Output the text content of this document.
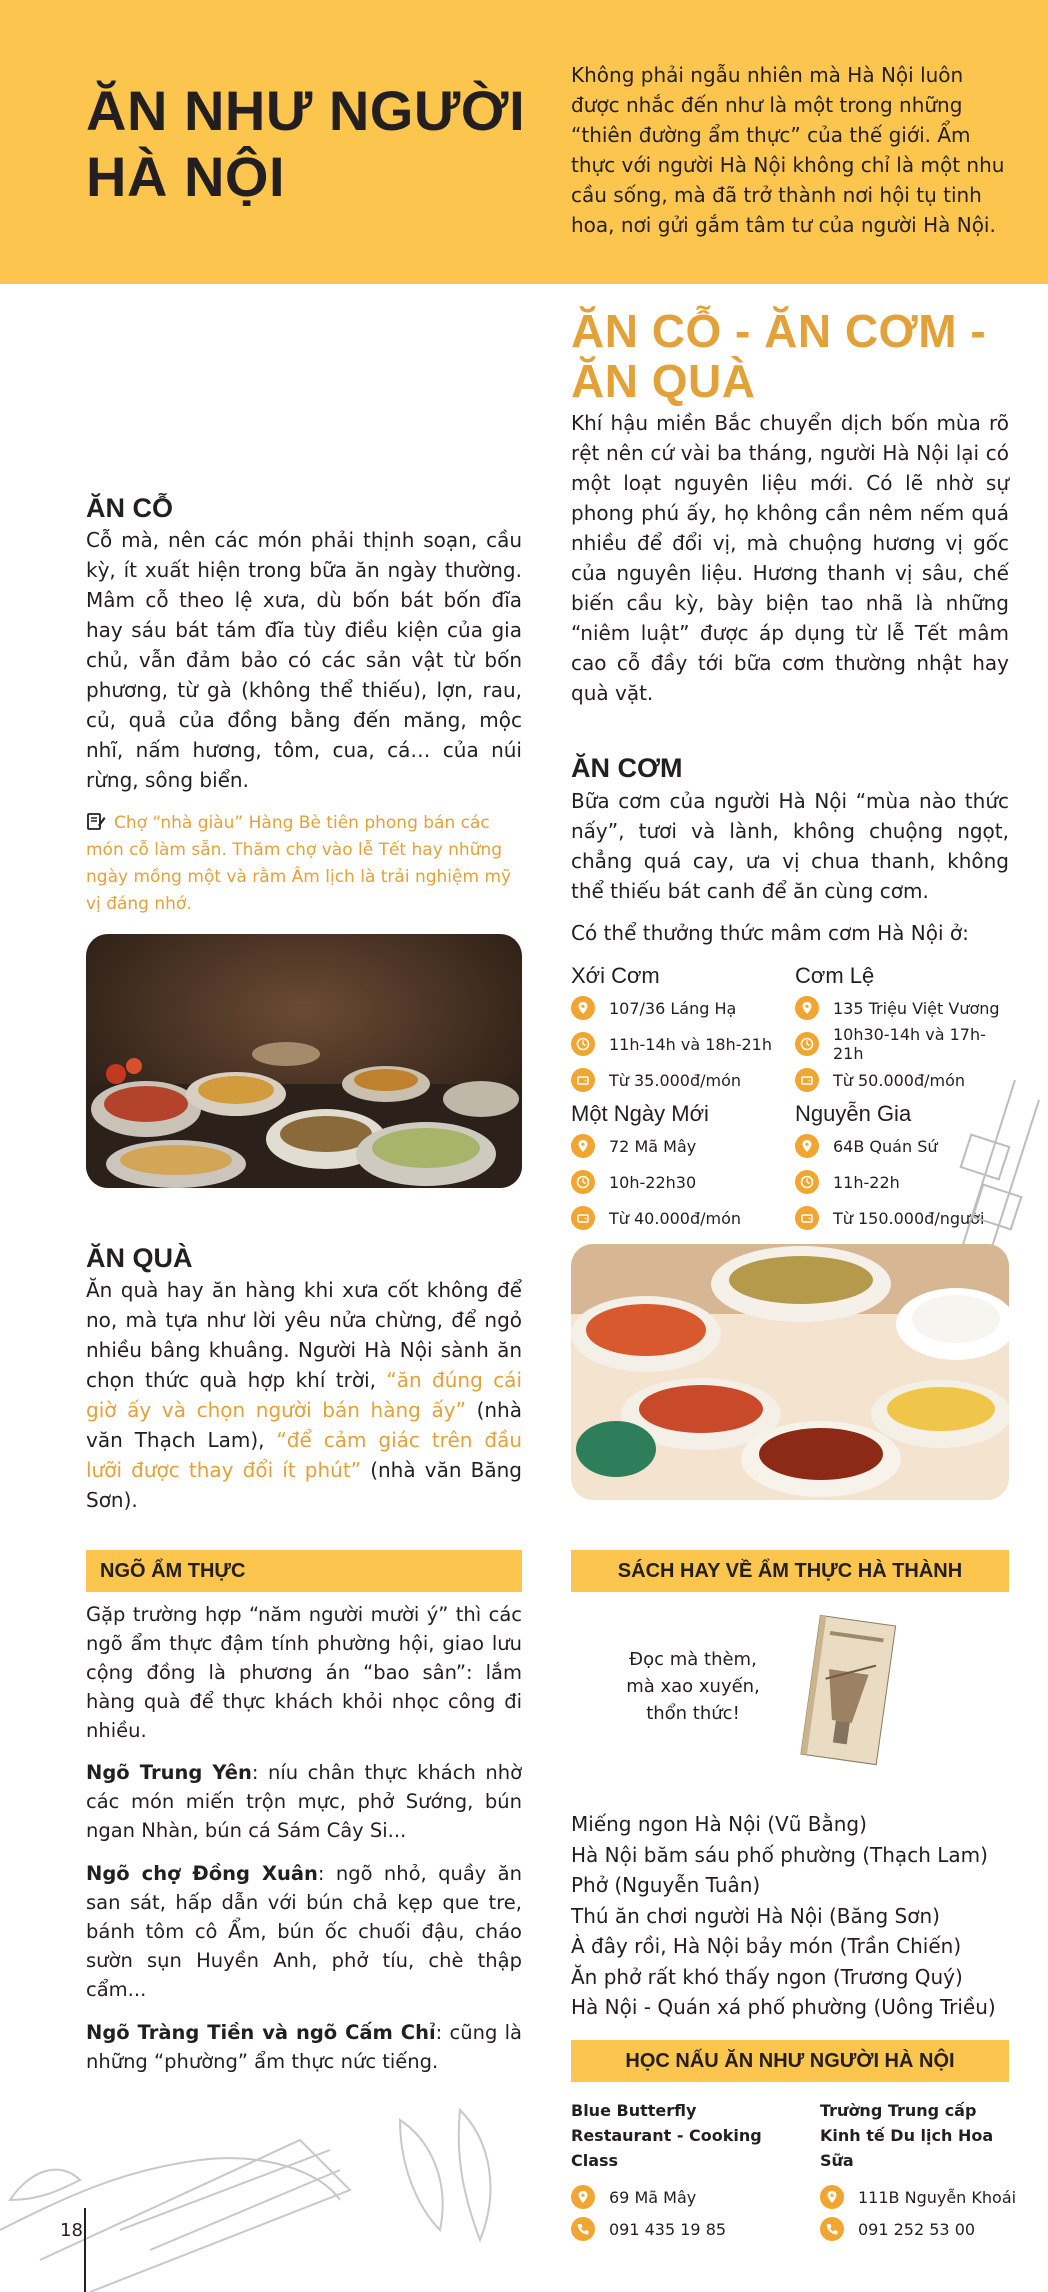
ĂN NHƯ NGƯỜI HÀ NỘI
Không phải ngẫu nhiên mà Hà Nội luôn được nhắc đến như là một trong những “thiên đường ẩm thực” của thế giới. Ẩm thực với người Hà Nội không chỉ là một nhu cầu sống, mà đã trở thành nơi hội tụ tinh hoa, nơi gửi gắm tâm tư của người Hà Nội.
ĂN CỖ - ĂN CƠM -
ĂN QUÀ
Khí hậu miền Bắc chuyển dịch bốn mùa rõ rệt nên cứ vài ba tháng, người Hà Nội lại có một loạt nguyên liệu mới. Có lẽ nhờ sự phong phú ấy, họ không cần nêm nếm quá nhiều để đổi vị, mà chuộng hương vị gốc của nguyên liệu. Hương thanh vị sâu, chế biến cầu kỳ, bày biện tao nhã là những “niêm luật” được áp dụng từ lễ Tết mâm cao cỗ đầy tới bữa cơm thường nhật hay quà vặt.
ĂN CỖ
Cỗ mà, nên các món phải thịnh soạn, cầu kỳ, ít xuất hiện trong bữa ăn ngày thường. Mâm cỗ theo lệ xưa, dù bốn bát bốn đĩa hay sáu bát tám đĩa tùy điều kiện của gia chủ, vẫn đảm bảo có các sản vật từ bốn phương, từ gà (không thể thiếu), lợn, rau, củ, quả của đồng bằng đến măng, mộc nhĩ, nấm hương, tôm, cua, cá… của núi rừng, sông biển.
Chợ “nhà giàu” Hàng Bè tiên phong bán các món cỗ làm sẵn. Thăm chợ vào lễ Tết hay những ngày mồng một và rằm Âm lịch là trải nghiệm mỹ vị đáng nhớ.
ĂN QUÀ
Ăn quà hay ăn hàng khi xưa cốt không để no, mà tựa như lời yêu nửa chừng, để ngỏ nhiều bâng khuâng. Người Hà Nội sành ăn chọn thức quà hợp khí trời, “ăn đúng cái giờ ấy và chọn người bán hàng ấy” (nhà văn Thạch Lam), “để cảm giác trên đầu lưỡi được thay đổi ít phút” (nhà văn Băng Sơn).
NGÕ ẨM THỰC
Gặp trường hợp “năm người mười ý” thì các ngõ ẩm thực đậm tính phường hội, giao lưu cộng đồng là phương án “bao sân”: lắm hàng quà để thực khách khỏi nhọc công đi nhiều.
Ngõ Trung Yên: níu chân thực khách nhờ các món miến trộn mực, phở Sướng, bún ngan Nhàn, bún cá Sám Cây Si...
Ngõ chợ Đồng Xuân: ngõ nhỏ, quầy ăn san sát, hấp dẫn với bún chả kẹp que tre, bánh tôm cô Ẩm, bún ốc chuối đậu, cháo sườn sụn Huyền Anh, phở tíu, chè thập cẩm...
Ngõ Tràng Tiền và ngõ Cấm Chỉ: cũng là những “phường” ẩm thực nức tiếng.
ĂN CƠM
Bữa cơm của người Hà Nội “mùa nào thức nấy”, tươi và lành, không chuộng ngọt, chẳng quá cay, ưa vị chua thanh, không thể thiếu bát canh để ăn cùng cơm.
Có thể thưởng thức mâm cơm Hà Nội ở:
Xới Cơm
107/36 Láng Hạ
11h-14h và 18h-21h
Từ 35.000đ/món
Cơm Lệ
135 Triệu Việt Vương
10h30-14h và 17h-21h
Từ 50.000đ/món
Một Ngày Mới
72 Mã Mây
10h-22h30
Từ 40.000đ/món
Nguyễn Gia
64B Quán Sứ
11h-22h
Từ 150.000đ/người
SÁCH HAY VỀ ẨM THỰC HÀ THÀNH
Đọc mà thèm,
mà xao xuyến,
thổn thức!
Miếng ngon Hà Nội (Vũ Bằng)
Hà Nội băm sáu phố phường (Thạch Lam)
Phở (Nguyễn Tuân)
Thú ăn chơi người Hà Nội (Băng Sơn)
À đây rồi, Hà Nội bảy món (Trần Chiến)
Ăn phở rất khó thấy ngon (Trương Quý)
Hà Nội - Quán xá phố phường (Uông Triều)
HỌC NẤU ĂN NHƯ NGƯỜI HÀ NỘI
Blue Butterfly
Restaurant - Cooking Class
69 Mã Mây
091 435 19 85
Trường Trung cấp
Kinh tế Du lịch Hoa Sữa
111B Nguyễn Khoái
091 252 53 00
18
